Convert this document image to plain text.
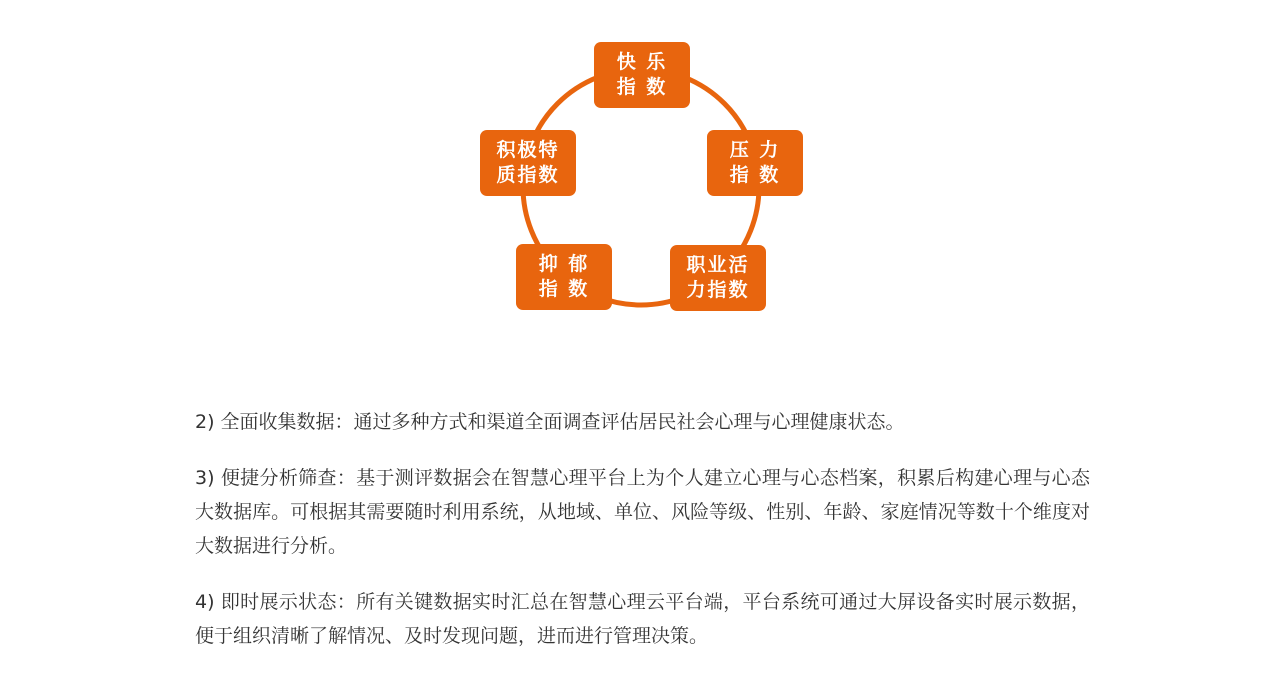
快 乐
指 数
压 力
指 数
职业活
力指数
抑 郁
指 数
积极特
质指数

2) 全面收集数据：通过多种方式和渠道全面调查评估居民社会心理与心理健康状态。

3) 便捷分析筛查：基于测评数据会在智慧心理平台上为个人建立心理与心态档案，积累后构建心理与心态大数据库。可根据其需要随时利用系统，从地域、单位、风险等级、性别、年龄、家庭情况等数十个维度对大数据进行分析。

4) 即时展示状态：所有关键数据实时汇总在智慧心理云平台端，平台系统可通过大屏设备实时展示数据，便于组织清晰了解情况、及时发现问题，进而进行管理决策。
